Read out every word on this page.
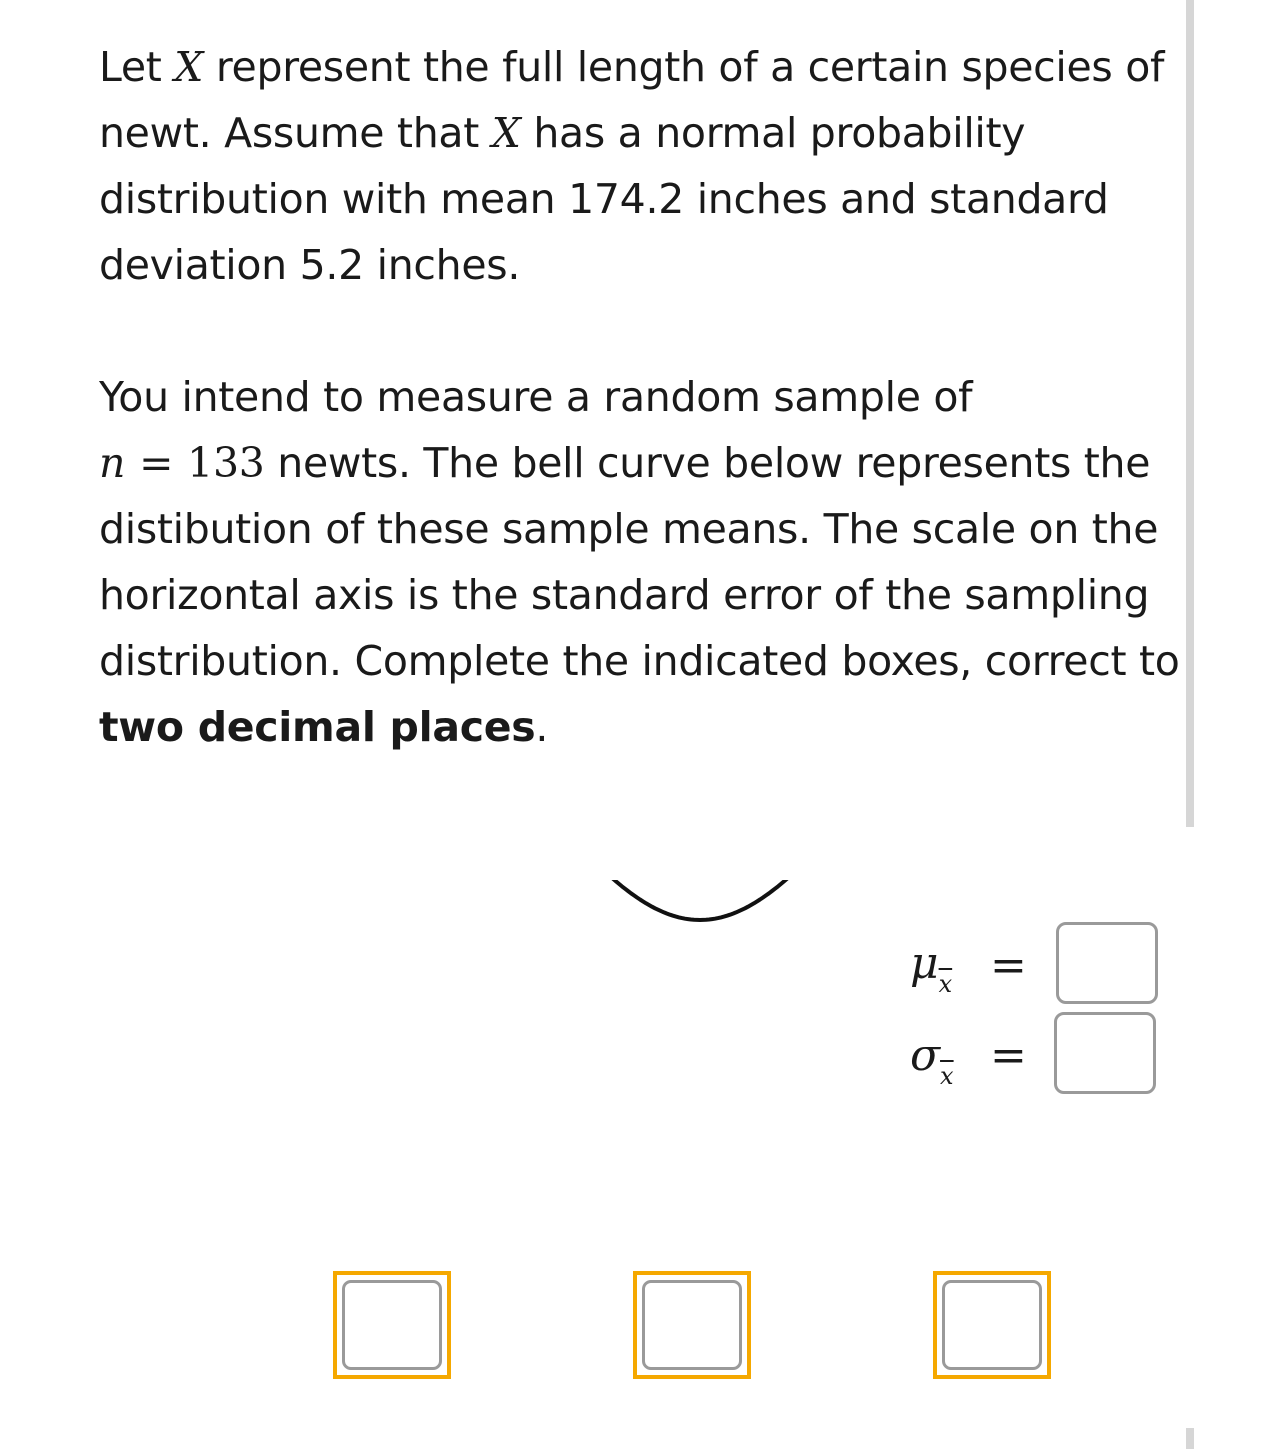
Let X represent the full length of a certain species of newt. Assume that X has a normal probability distribution with mean 174.2 inches and standard deviation 5.2 inches.

You intend to measure a random sample of
n = 133 newts. The bell curve below represents the distibution of these sample means. The scale on the horizontal axis is the standard error of the sampling distribution. Complete the indicated boxes, correct to two decimal places.

$\mu_{\overline{x}}$ =
$\sigma_{\overline{x}}$ =
